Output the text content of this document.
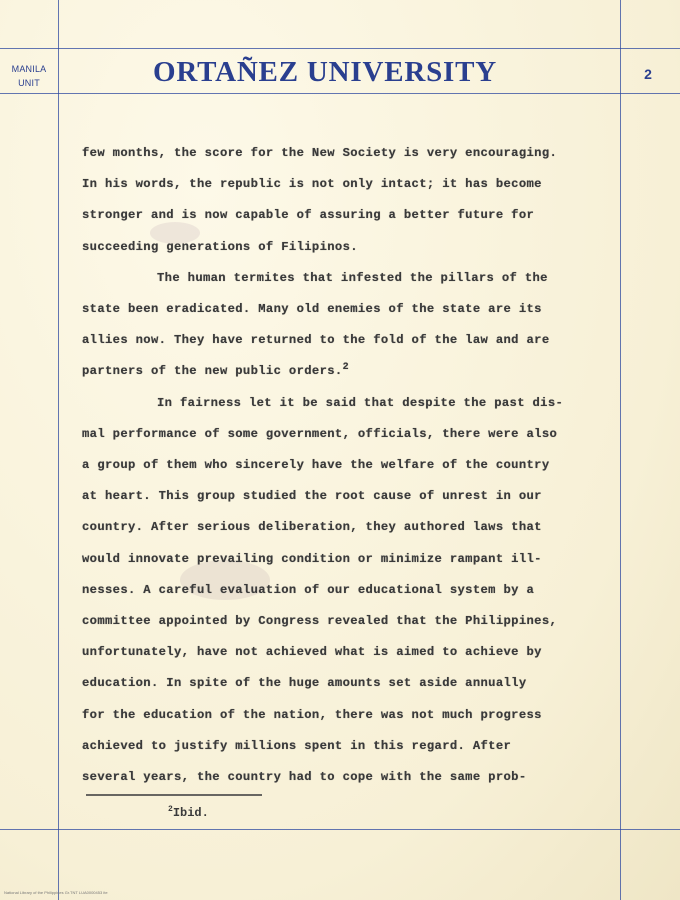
MANILA
UNIT	ORTAÑEZ UNIVERSITY	2
few months, the score for the New Society is very encouraging.
In his words, the republic is not only intact; it has become
stronger and is now capable of assuring a better future for
succeeding generations of Filipinos.
The human termites that infested the pillars of the
state been eradicated. Many old enemies of the state are its
allies now. They have returned to the fold of the law and are
partners of the new public orders.$^2$
In fairness let it be said that despite the past dis-
mal performance of some government, officials, there were also
a group of them who sincerely have the welfare of the country
at heart. This group studied the root cause of unrest in our
country. After serious deliberation, they authored laws that
would innovate prevailing condition or minimize rampant ill-
nesses. A careful evaluation of our educational system by a
committee appointed by Congress revealed that the Philippines,
unfortunately, have not achieved what is aimed to achieve by
education. In spite of the huge amounts set aside annually
for the education of the nation, there was not much progress
achieved to justify millions spent in this regard. After
several years, the country had to cope with the same prob-
$^2$Ibid.
National Library of the Philippines Gr.TNT LUA0000453 ite
